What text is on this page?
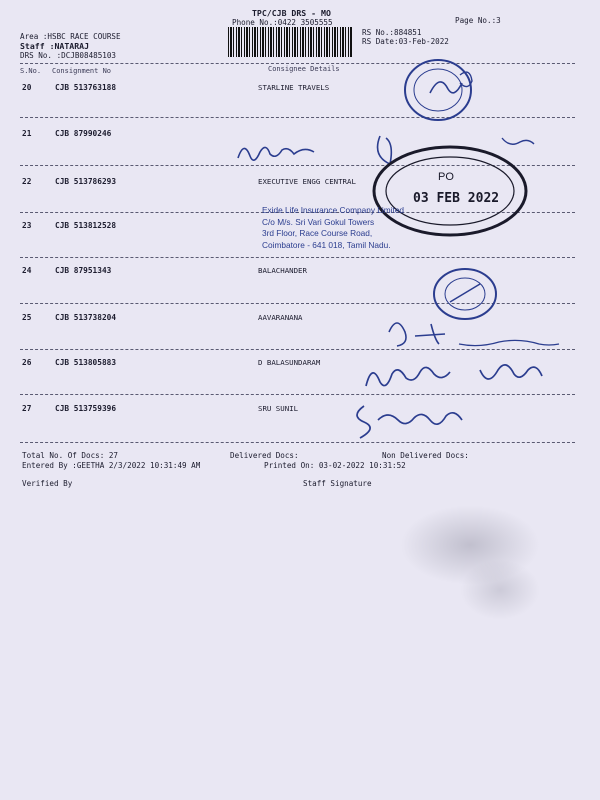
TPC/CJB DRS - MO
Phone No.:0422 3505555	Page No.:3
Area :HSBC RACE COURSE
Staff :NATARAJ
DRS No. :DCJB08485103
RS No.:884851
RS Date:03-Feb-2022
S.No. Consignment No	Consignee Details
20	CJB 513763188	STARLINE TRAVELS
21	CJB 87990246
22	CJB 513786293	EXECUTIVE ENGG CENTRAL
23	CJB 513812528
24	CJB 87951343	BALACHANDER
25	CJB 513738204	AAVARANANA
26	CJB 513805883	D BALASUNDARAM
27	CJB 513759396	SRU SUNIL
Total No. Of Docs: 27	Delivered Docs:	Non Delivered Docs:
Entered By :GEETHA 2/3/2022 10:31:49 AM	Printed On: 03-02-2022 10:31:52
Verified By	Staff Signature
PO
03 FEB 2022
Exide Life Insurance Company Limited
C/o M/s. Sri Vari Gokul Towers
3rd Floor, Race Course Road,
Coimbatore - 641 018, Tamil Nadu.
